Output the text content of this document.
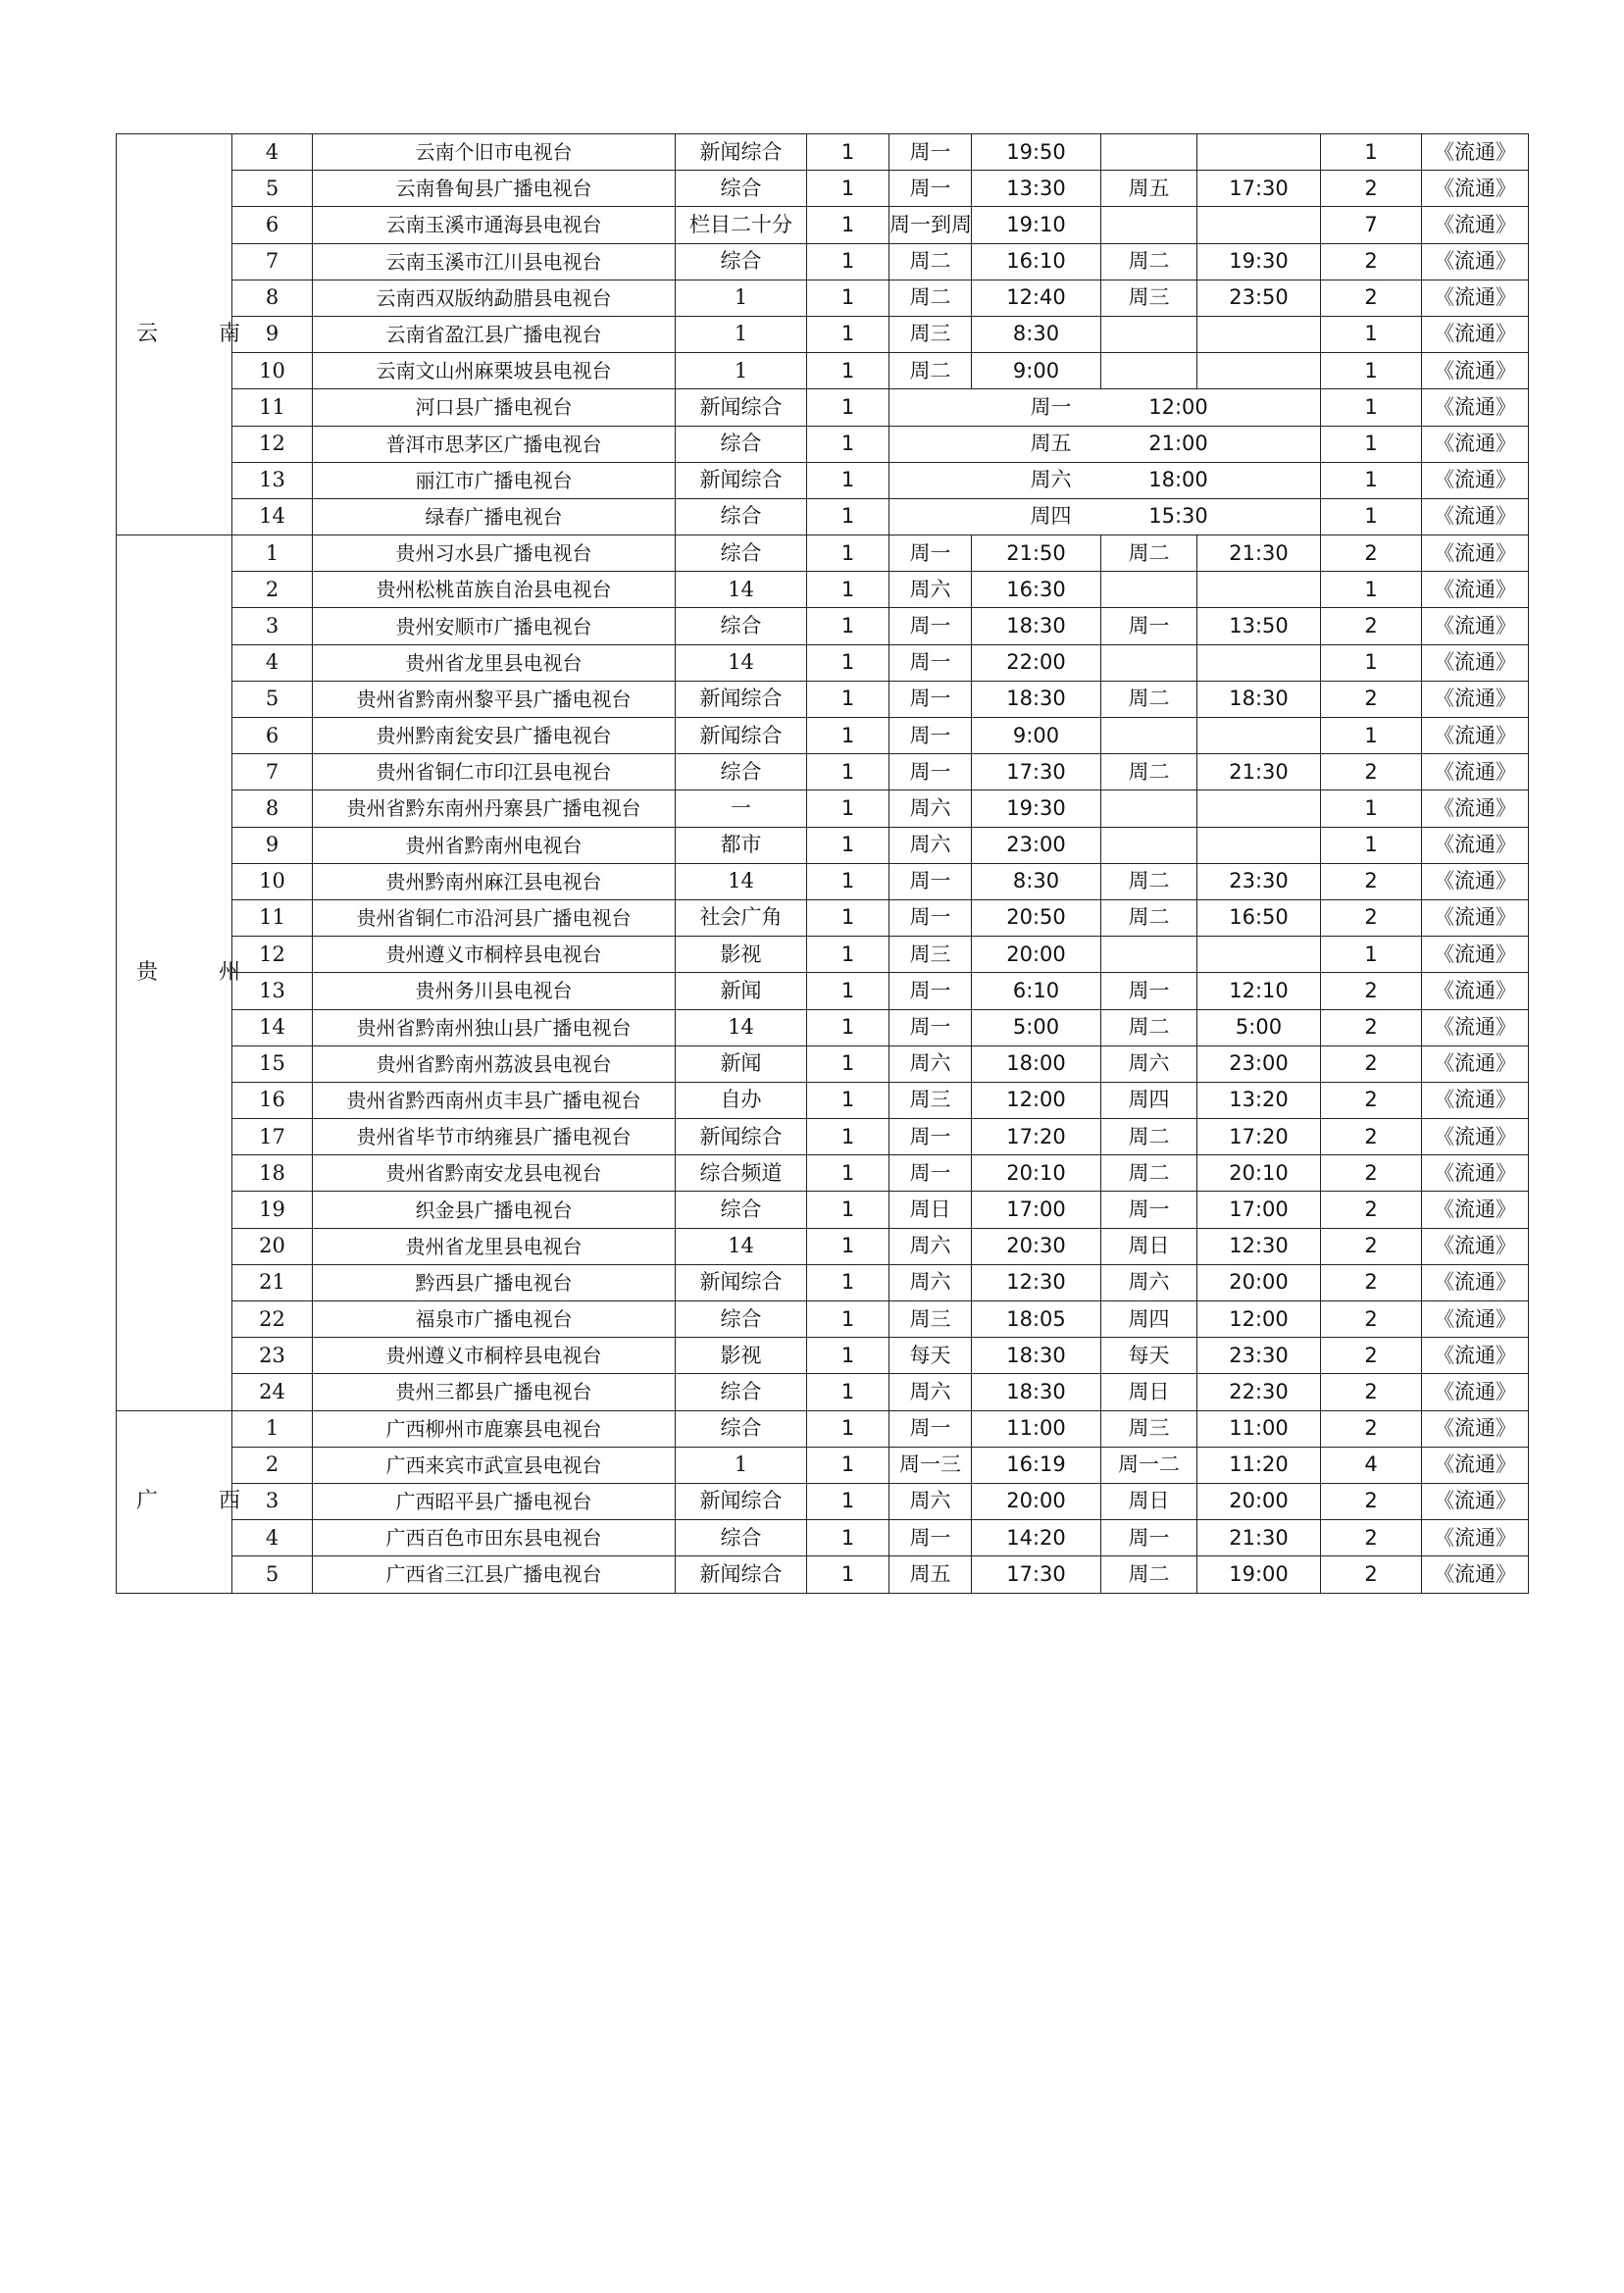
云　南	4	云南个旧市电视台	新闻综合	1	周一	19:50			1	《流通》
	5	云南鲁甸县广播电视台	综合	1	周一	13:30	周五	17:30	2	《流通》
	6	云南玉溪市通海县电视台	栏目二十分	1	周一到周	19:10			7	《流通》
	7	云南玉溪市江川县电视台	综合	1	周二	16:10	周二	19:30	2	《流通》
	8	云南西双版纳勐腊县电视台	1	1	周二	12:40	周三	23:50	2	《流通》
	9	云南省盈江县广播电视台	1	1	周三	8:30			1	《流通》
	10	云南文山州麻栗坡县电视台	1	1	周二	9:00			1	《流通》
	11	河口县广播电视台	新闻综合	1	周一 12:00				1	《流通》
	12	普洱市思茅区广播电视台	综合	1	周五 21:00				1	《流通》
	13	丽江市广播电视台	新闻综合	1	周六 18:00				1	《流通》
	14	绿春广播电视台	综合	1	周四 15:30				1	《流通》
贵　州	1	贵州习水县广播电视台	综合	1	周一	21:50	周二	21:30	2	《流通》
	2	贵州松桃苗族自治县电视台	14	1	周六	16:30			1	《流通》
	3	贵州安顺市广播电视台	综合	1	周一	18:30	周一	13:50	2	《流通》
	4	贵州省龙里县电视台	14	1	周一	22:00			1	《流通》
	5	贵州省黔南州黎平县广播电视台	新闻综合	1	周一	18:30	周二	18:30	2	《流通》
	6	贵州黔南瓮安县广播电视台	新闻综合	1	周一	9:00			1	《流通》
	7	贵州省铜仁市印江县电视台	综合	1	周一	17:30	周二	21:30	2	《流通》
	8	贵州省黔东南州丹寨县广播电视台	一	1	周六	19:30			1	《流通》
	9	贵州省黔南州电视台	都市	1	周六	23:00			1	《流通》
	10	贵州黔南州麻江县电视台	14	1	周一	8:30	周二	23:30	2	《流通》
	11	贵州省铜仁市沿河县广播电视台	社会广角	1	周一	20:50	周二	16:50	2	《流通》
	12	贵州遵义市桐梓县电视台	影视	1	周三	20:00			1	《流通》
	13	贵州务川县电视台	新闻	1	周一	6:10	周一	12:10	2	《流通》
	14	贵州省黔南州独山县广播电视台	14	1	周一	5:00	周二	5:00	2	《流通》
	15	贵州省黔南州荔波县电视台	新闻	1	周六	18:00	周六	23:00	2	《流通》
	16	贵州省黔西南州贞丰县广播电视台	自办	1	周三	12:00	周四	13:20	2	《流通》
	17	贵州省毕节市纳雍县广播电视台	新闻综合	1	周一	17:20	周二	17:20	2	《流通》
	18	贵州省黔南安龙县电视台	综合频道	1	周一	20:10	周二	20:10	2	《流通》
	19	织金县广播电视台	综合	1	周日	17:00	周一	17:00	2	《流通》
	20	贵州省龙里县电视台	14	1	周六	20:30	周日	12:30	2	《流通》
	21	黔西县广播电视台	新闻综合	1	周六	12:30	周六	20:00	2	《流通》
	22	福泉市广播电视台	综合	1	周三	18:05	周四	12:00	2	《流通》
	23	贵州遵义市桐梓县电视台	影视	1	每天	18:30	每天	23:30	2	《流通》
	24	贵州三都县广播电视台	综合	1	周六	18:30	周日	22:30	2	《流通》
广　西	1	广西柳州市鹿寨县电视台	综合	1	周一	11:00	周三	11:00	2	《流通》
	2	广西来宾市武宣县电视台	1	1	周一三	16:19	周一二	11:20	4	《流通》
	3	广西昭平县广播电视台	新闻综合	1	周六	20:00	周日	20:00	2	《流通》
	4	广西百色市田东县电视台	综合	1	周一	14:20	周一	21:30	2	《流通》
	5	广西省三江县广播电视台	新闻综合	1	周五	17:30	周二	19:00	2	《流通》
